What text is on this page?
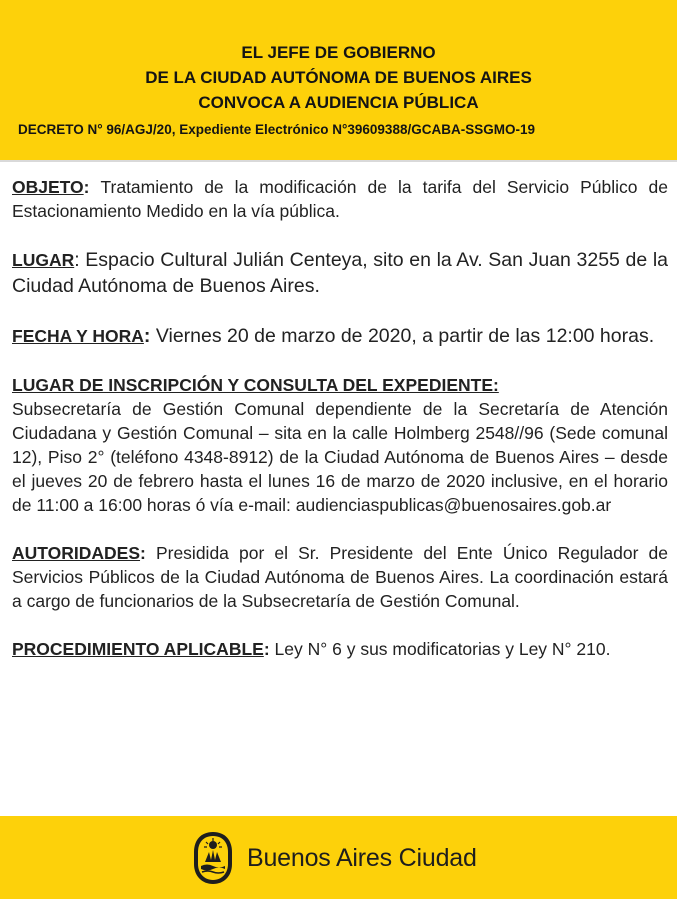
EL JEFE DE GOBIERNO
DE LA CIUDAD AUTÓNOMA DE BUENOS AIRES
CONVOCA A AUDIENCIA PÚBLICA
DECRETO N° 96/AGJ/20, Expediente Electrónico N°39609388/GCABA-SSGMO-19

OBJETO: Tratamiento de la modificación de la tarifa del Servicio Público de Estacionamiento Medido en la vía pública.

LUGAR: Espacio Cultural Julián Centeya, sito en la Av. San Juan 3255 de la Ciudad Autónoma de Buenos Aires.

FECHA Y HORA: Viernes 20 de marzo de 2020, a partir de las 12:00 horas.

LUGAR DE INSCRIPCIÓN Y CONSULTA DEL EXPEDIENTE:
Subsecretaría de Gestión Comunal dependiente de la Secretaría de Atención Ciudadana y Gestión Comunal – sita en la calle Holmberg 2548//96 (Sede comunal 12), Piso 2° (teléfono 4348-8912) de la Ciudad Autónoma de Buenos Aires – desde el jueves 20 de febrero hasta el lunes 16 de marzo de 2020 inclusive, en el horario de 11:00 a 16:00 horas ó vía e-mail: audienciaspublicas@buenosaires.gob.ar

AUTORIDADES: Presidida por el Sr. Presidente del Ente Único Regulador de Servicios Públicos de la Ciudad Autónoma de Buenos Aires. La coordinación estará a cargo de funcionarios de la Subsecretaría de Gestión Comunal.

PROCEDIMIENTO APLICABLE: Ley N° 6 y sus modificatorias y Ley N° 210.

Buenos Aires Ciudad
